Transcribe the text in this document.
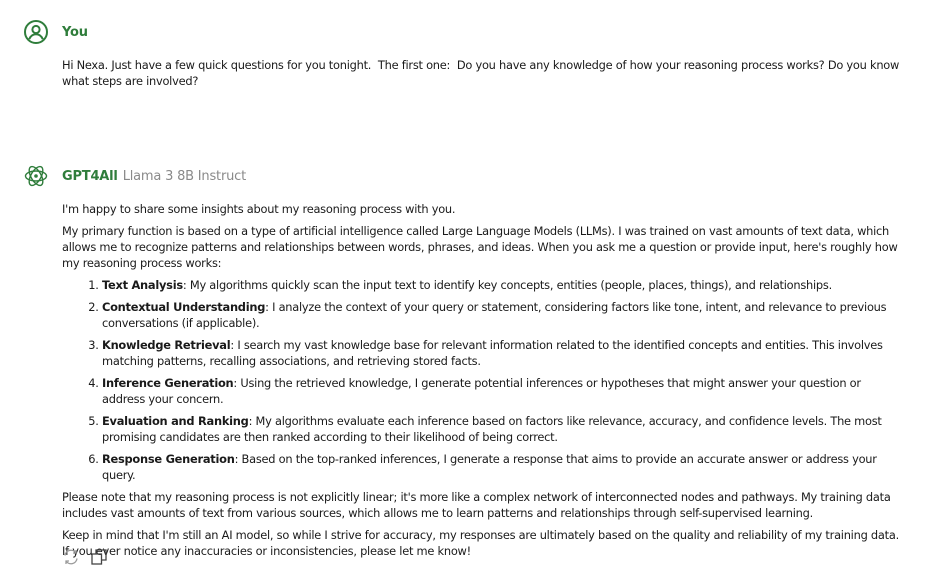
You

Hi Nexa. Just have a few quick questions for you tonight.  The first one:  Do you have any knowledge of how your reasoning process works? Do you know what steps are involved?

GPT4All Llama 3 8B Instruct

I'm happy to share some insights about my reasoning process with you.

My primary function is based on a type of artificial intelligence called Large Language Models (LLMs). I was trained on vast amounts of text data, which allows me to recognize patterns and relationships between words, phrases, and ideas. When you ask me a question or provide input, here's roughly how my reasoning process works:

1. Text Analysis: My algorithms quickly scan the input text to identify key concepts, entities (people, places, things), and relationships.
2. Contextual Understanding: I analyze the context of your query or statement, considering factors like tone, intent, and relevance to previous conversations (if applicable).
3. Knowledge Retrieval: I search my vast knowledge base for relevant information related to the identified concepts and entities. This involves matching patterns, recalling associations, and retrieving stored facts.
4. Inference Generation: Using the retrieved knowledge, I generate potential inferences or hypotheses that might answer your question or address your concern.
5. Evaluation and Ranking: My algorithms evaluate each inference based on factors like relevance, accuracy, and confidence levels. The most promising candidates are then ranked according to their likelihood of being correct.
6. Response Generation: Based on the top-ranked inferences, I generate a response that aims to provide an accurate answer or address your query.

Please note that my reasoning process is not explicitly linear; it's more like a complex network of interconnected nodes and pathways. My training data includes vast amounts of text from various sources, which allows me to learn patterns and relationships through self-supervised learning.

Keep in mind that I'm still an AI model, so while I strive for accuracy, my responses are ultimately based on the quality and reliability of my training data. If you ever notice any inaccuracies or inconsistencies, please let me know!
